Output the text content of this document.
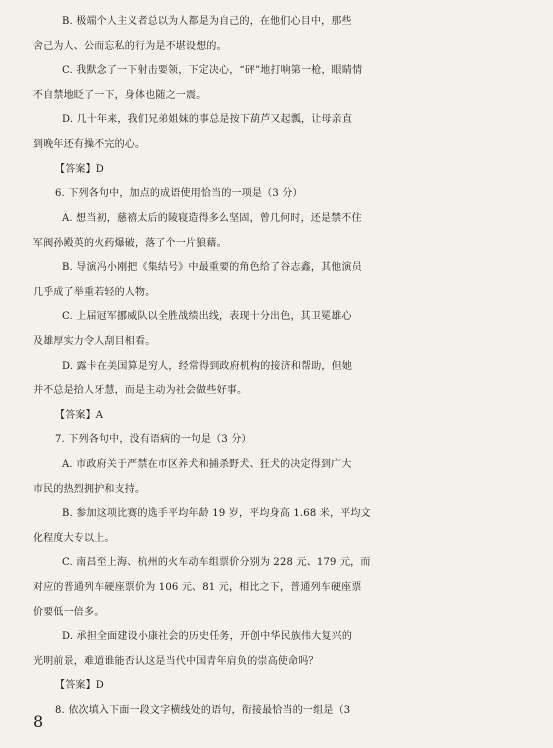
B. 极端个人主义者总以为人都是为自己的，在他们心目中，那些
舍己为人、公而忘私的行为是不堪设想的。
C. 我默念了一下射击要领，下定决心，“砰”地打响第一枪，眼睛情
不自禁地眨了一下，身体也随之一震。
D. 几十年来，我们兄弟姐妹的事总是按下葫芦又起瓢，让母亲直
到晚年还有操不完的心。
【答案】D
6. 下列各句中，加点的成语使用恰当的一项是（3 分）
A. 想当初，慈禧太后的陵寝造得多么坚固，曾几何时，还是禁不住
军阀孙殿英的火药爆破，落了个一片狼藉。
B. 导演冯小刚把《集结号》中最重要的角色给了谷志鑫，其他演员
几乎成了举重若轻的人物。
C. 上届冠军挪威队以全胜战绩出线，表现十分出色，其卫冕雄心
及雄厚实力令人刮目相看。
D. 露卡在美国算是穷人，经常得到政府机构的接济和帮助，但她
并不总是拾人牙慧，而是主动为社会做些好事。
【答案】A
7. 下列各句中，没有语病的一句是（3 分）
A. 市政府关于严禁在市区养犬和捕杀野犬、狂犬的决定得到广大
市民的热烈拥护和支持。
B. 参加这项比赛的选手平均年龄 19 岁，平均身高 1.68 米，平均文
化程度大专以上。
C. 南昌至上海、杭州的火车动车组票价分别为 228 元、179 元，而
对应的普通列车硬座票价为 106 元、81 元，相比之下，普通列车硬座票
价要低一倍多。
D. 承担全面建设小康社会的历史任务，开创中华民族伟大复兴的
光明前景，难道谁能否认这是当代中国青年肩负的崇高使命吗？
【答案】D
8. 依次填入下面一段文字横线处的语句，衔接最恰当的一组是（3
8
